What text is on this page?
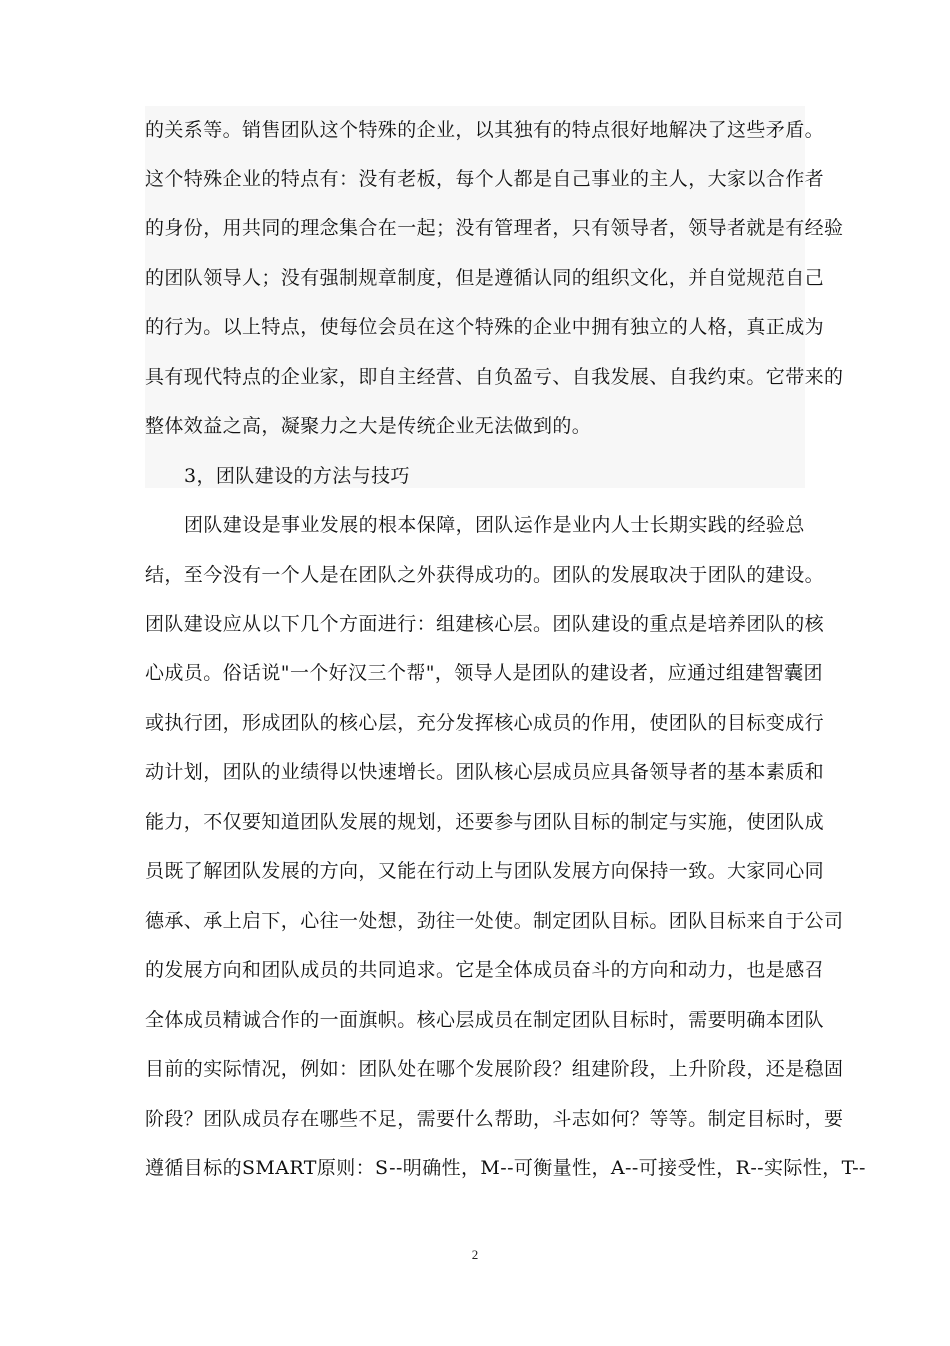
的关系等。销售团队这个特殊的企业，以其独有的特点很好地解决了这些矛盾。
这个特殊企业的特点有：没有老板，每个人都是自己事业的主人，大家以合作者
的身份，用共同的理念集合在一起；没有管理者，只有领导者，领导者就是有经验
的团队领导人；没有强制规章制度，但是遵循认同的组织文化，并自觉规范自己
的行为。以上特点，使每位会员在这个特殊的企业中拥有独立的人格，真正成为
具有现代特点的企业家，即自主经营、自负盈亏、自我发展、自我约束。它带来的
整体效益之高，凝聚力之大是传统企业无法做到的。
3，团队建设的方法与技巧
团队建设是事业发展的根本保障，团队运作是业内人士长期实践的经验总
结，至今没有一个人是在团队之外获得成功的。团队的发展取决于团队的建设。
团队建设应从以下几个方面进行：组建核心层。团队建设的重点是培养团队的核
心成员。俗话说"一个好汉三个帮"，领导人是团队的建设者，应通过组建智囊团
或执行团，形成团队的核心层，充分发挥核心成员的作用，使团队的目标变成行
动计划，团队的业绩得以快速增长。团队核心层成员应具备领导者的基本素质和
能力，不仅要知道团队发展的规划，还要参与团队目标的制定与实施，使团队成
员既了解团队发展的方向，又能在行动上与团队发展方向保持一致。大家同心同
德承、承上启下，心往一处想，劲往一处使。制定团队目标。团队目标来自于公司
的发展方向和团队成员的共同追求。它是全体成员奋斗的方向和动力，也是感召
全体成员精诚合作的一面旗帜。核心层成员在制定团队目标时，需要明确本团队
目前的实际情况，例如：团队处在哪个发展阶段？组建阶段，上升阶段，还是稳固
阶段？团队成员存在哪些不足，需要什么帮助，斗志如何？等等。制定目标时，要
遵循目标的SMART原则：S--明确性，M--可衡量性，A--可接受性，R--实际性，T--
2
